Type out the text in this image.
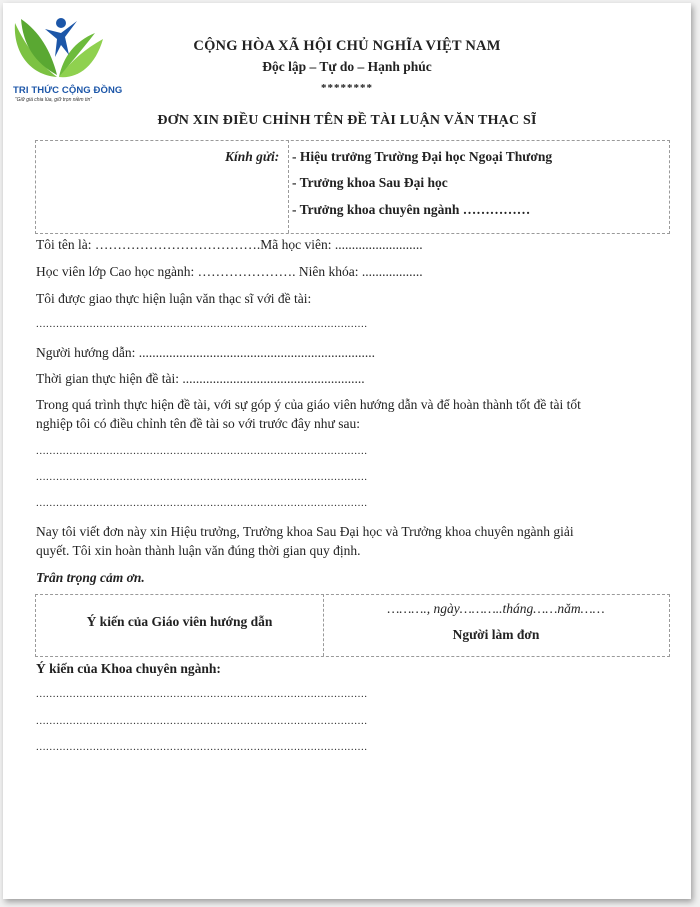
TRI THỨC CỘNG ĐỒNG
“Giữ giá chia lúa, giữ trọn niềm tin”
CỘNG HÒA XÃ HỘI CHỦ NGHĨA VIỆT NAM
Độc lập – Tự do – Hạnh phúc
********
ĐƠN XIN ĐIỀU CHỈNH TÊN ĐỀ TÀI LUẬN VĂN THẠC SĨ
Kính gửi: - Hiệu trưởng Trường Đại học Ngoại Thương
- Trưởng khoa Sau Đại học
- Trưởng khoa chuyên ngành ……………
Tôi tên là: ……………………………….Mã học viên: ..........................
Học viên lớp Cao học ngành: …………………. Niên khóa: ..................
Tôi được giao thực hiện luận văn thạc sĩ với đề tài:
...................................................................................................
Người hướng dẫn: ......................................................................
Thời gian thực hiện đề tài: ......................................................
Trong quá trình thực hiện đề tài, với sự góp ý của giáo viên hướng dẫn và để hoàn thành tốt đề tài tốt
nghiệp tôi có điều chỉnh tên đề tài so với trước đây như sau:
...................................................................................................
...................................................................................................
...................................................................................................
Nay tôi viết đơn này xin Hiệu trưởng, Trưởng khoa Sau Đại học và Trưởng khoa chuyên ngành giải
quyết. Tôi xin hoàn thành luận văn đúng thời gian quy định.
Trân trọng cảm ơn.
Ý kiến của Giáo viên hướng dẫn
………., ngày………..tháng……năm……
Người làm đơn
Ý kiến của Khoa chuyên ngành:
...................................................................................................
...................................................................................................
...................................................................................................
